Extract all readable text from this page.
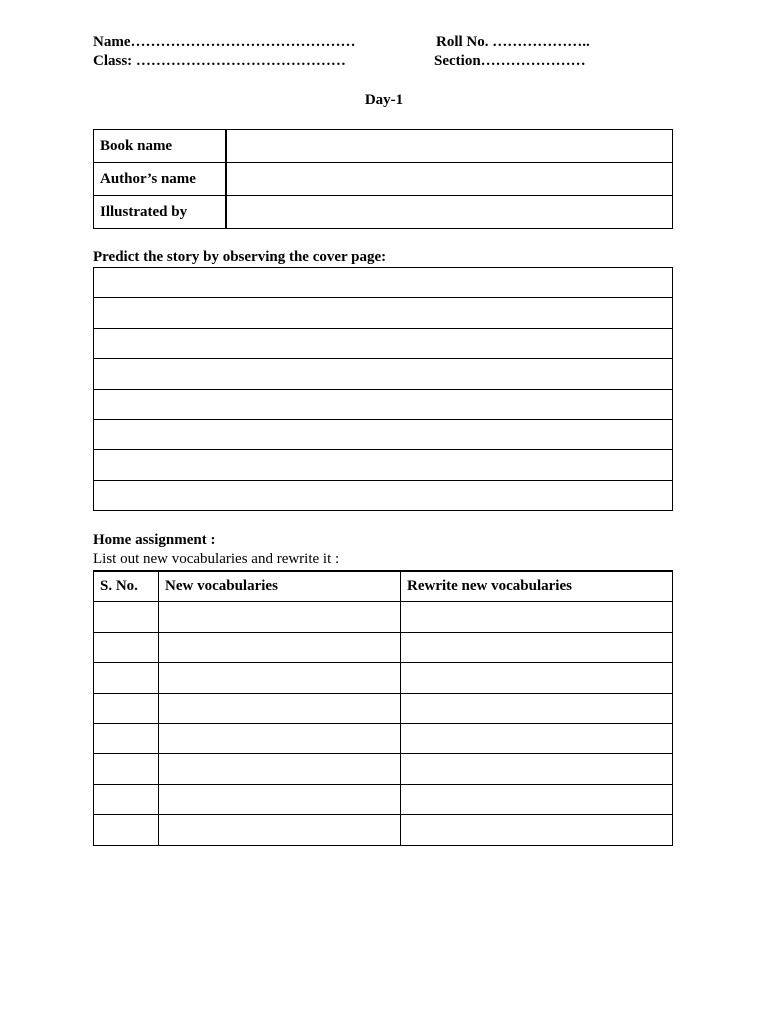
Name………………………………………	Roll No. ………………..
Class: ……………………………………	Section…………………
Day-1
Book name	
Author’s name	
Illustrated by	
Predict the story by observing the cover page:

Home assignment :
List out new vocabularies and rewrite it :
S. No.	New vocabularies	Rewrite new vocabularies
